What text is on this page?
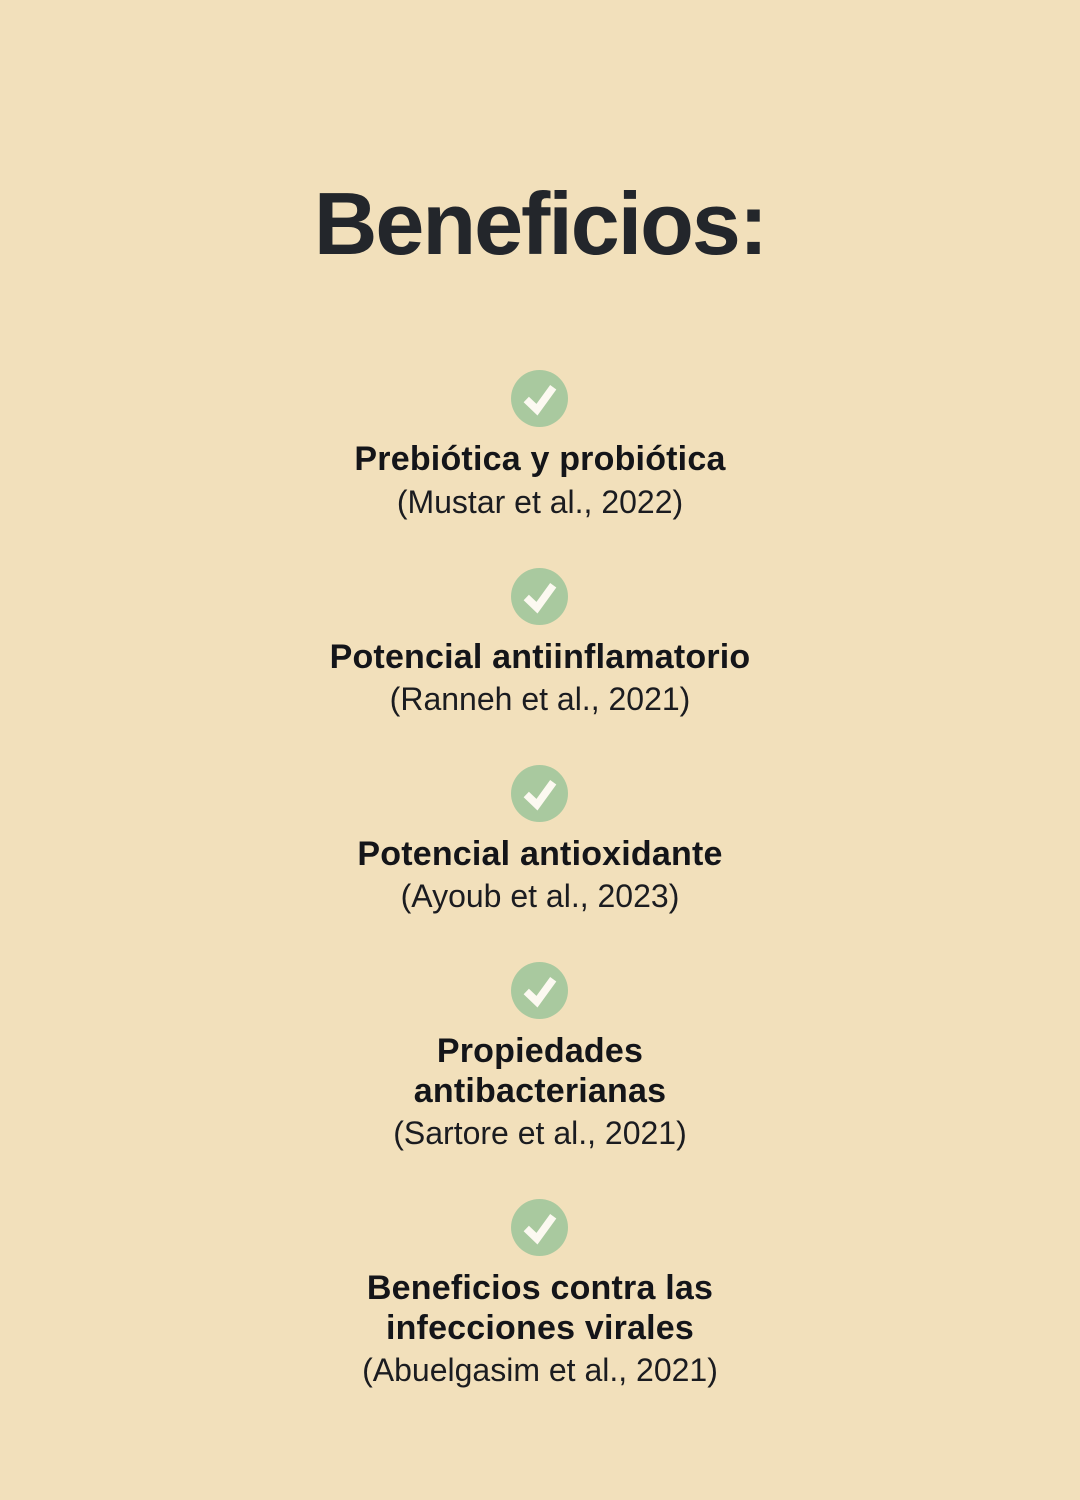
Beneficios:
Prebiótica y probiótica
(Mustar et al., 2022)
Potencial antiinflamatorio
(Ranneh et al., 2021)
Potencial antioxidante
(Ayoub et al., 2023)
Propiedades
antibacterianas
(Sartore et al., 2021)
Beneficios contra las
infecciones virales
(Abuelgasim et al., 2021)
